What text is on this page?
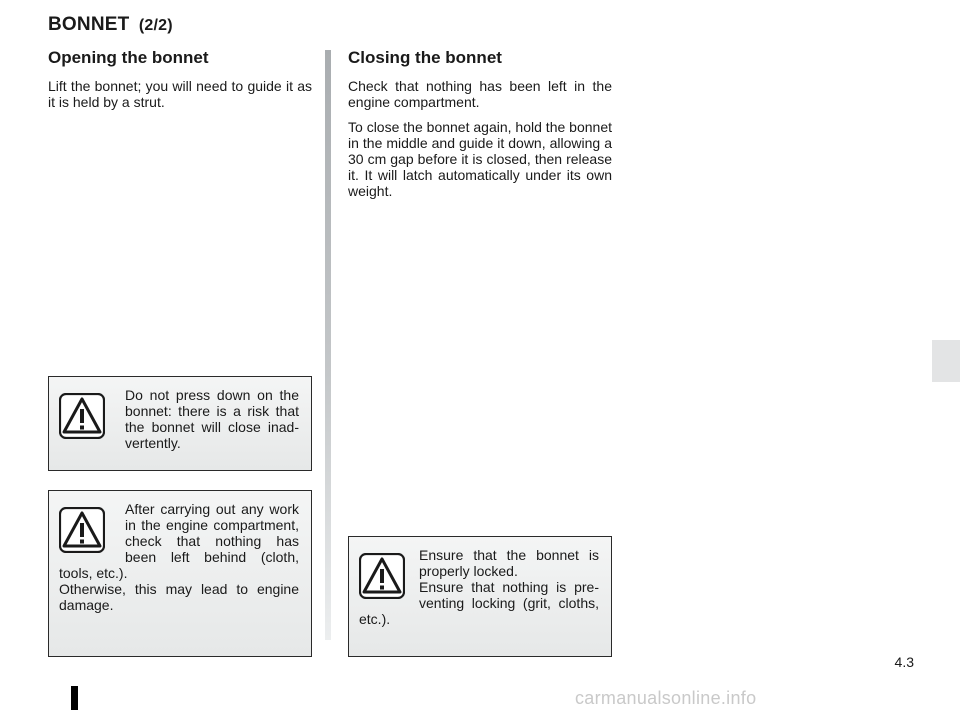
BONNET (2/2)
Opening the bonnet

Lift the bonnet; you will need to guide it as it is held by a strut.

Closing the bonnet

Check that nothing has been left in the engine compartment.

To close the bonnet again, hold the bonnet in the middle and guide it down, allowing a 30 cm gap before it is closed, then release it. It will latch automatically under its own weight.

Do not press down on the bonnet: there is a risk that the bonnet will close inadvertently.

After carrying out any work in the engine compartment, check that nothing has been left behind (cloth, tools, etc.).
Otherwise, this may lead to engine damage.

Ensure that the bonnet is properly locked.
Ensure that nothing is preventing locking (grit, cloths, etc.).

4.3
carmanualsonline.info
